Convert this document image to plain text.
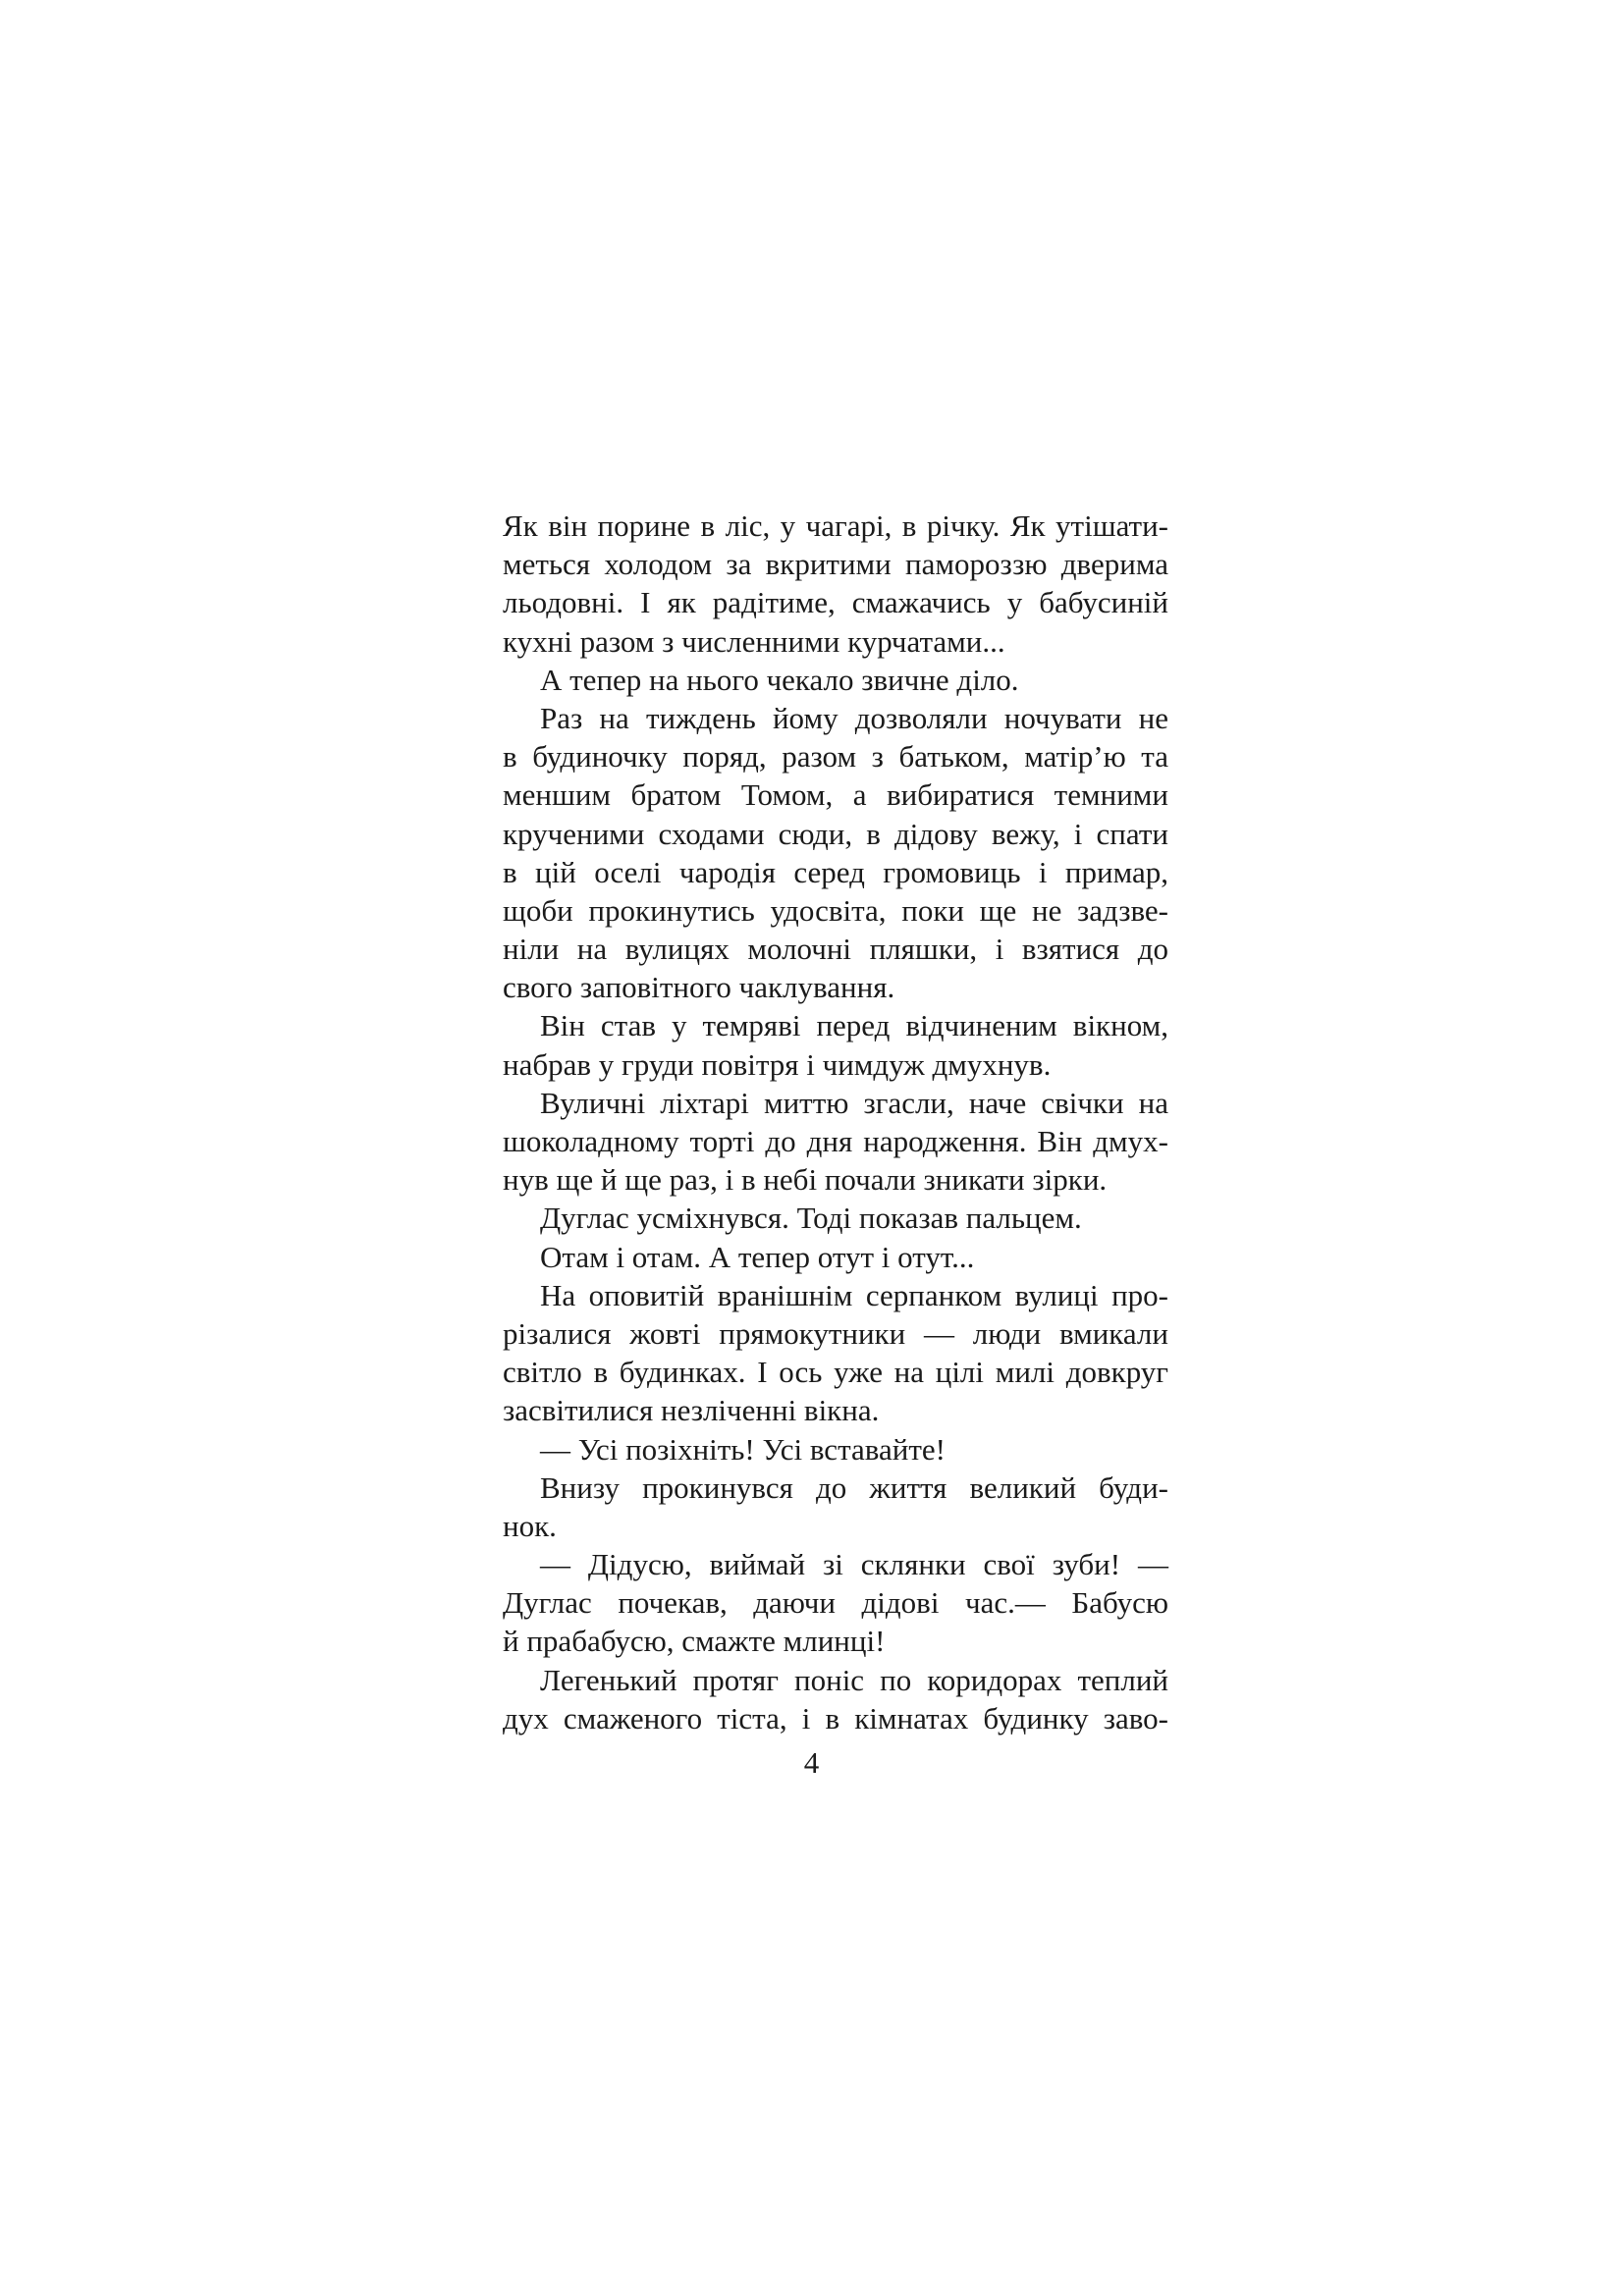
Як він порине в ліс, у чагарі, в річку. Як утішати-
меться холодом за вкритими памороззю дверима
льодовні. І як радітиме, смажачись у бабусиній
кухні разом з численними курчатами...
А тепер на нього чекало звичне діло.
Раз на тиждень йому дозволяли ночувати не
в будиночку поряд, разом з батьком, матір’ю та
меншим братом Томом, а вибиратися темними
крученими сходами сюди, в дідову вежу, і спати
в цій оселі чародія серед громовиць і примар,
щоби прокинутись удосвіта, поки ще не задзве-
ніли на вулицях молочні пляшки, і взятися до
свого заповітного чаклування.
Він став у темряві перед відчиненим вікном,
набрав у груди повітря і чимдуж дмухнув.
Вуличні ліхтарі миттю згасли, наче свічки на
шоколадному торті до дня народження. Він дмух-
нув ще й ще раз, і в небі почали зникати зірки.
Дуглас усміхнувся. Тоді показав пальцем.
Отам і отам. А тепер отут і отут...
На оповитій вранішнім серпанком вулиці про-
різалися жовті прямокутники — люди вмикали
світло в будинках. І ось уже на цілі милі довкруг
засвітилися незліченні вікна.
— Усі позіхніть! Усі вставайте!
Внизу прокинувся до життя великий буди-
нок.
— Дідусю, виймай зі склянки свої зуби! —
Дуглас почекав, даючи дідові час.— Бабусю
й прабабусю, смажте млинці!
Легенький протяг поніс по коридорах теплий
дух смаженого тіста, і в кімнатах будинку заво-
4
